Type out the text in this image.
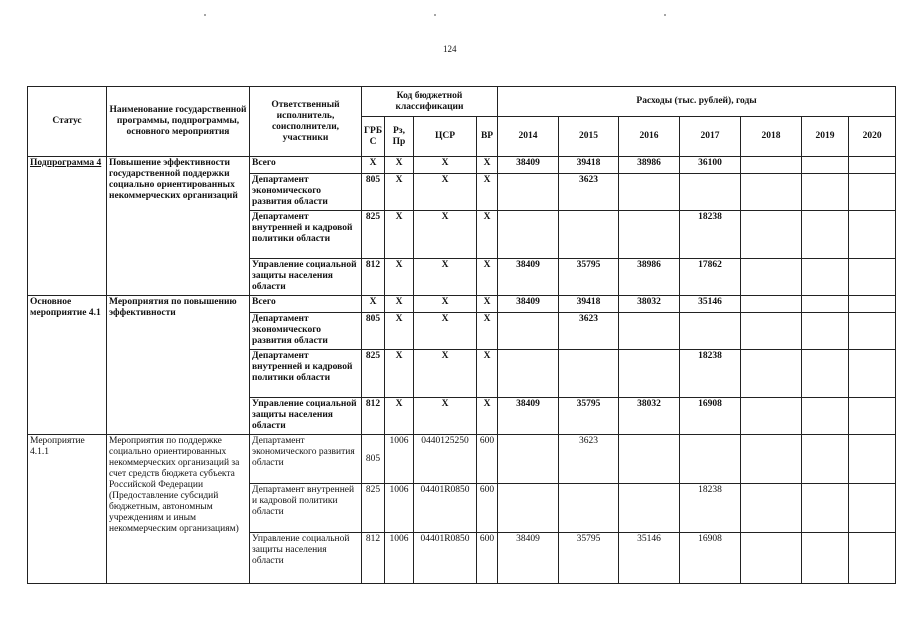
124
Статус	Наименование государственной программы, подпрограммы, основного мероприятия	Ответственный исполнитель, соисполнители, участники	Код бюджетной классификации				Расходы (тыс. рублей), годы						
			ГРБ С	Рз, Пр	ЦСР	ВР	2014	2015	2016	2017	2018	2019	2020
Подпрограмма 4	Повышение эффективности государственной поддержки социально ориентированных некоммерческих организаций	Всего	Х	Х	Х	Х	38409	39418	38986	36100			
		Департамент экономического развития области	805	Х	Х	Х		3623					
		Департамент внутренней и кадровой политики области	825	Х	Х	Х				18238			
		Управление социальной защиты населения области	812	Х	Х	Х	38409	35795	38986	17862			
Основное мероприятие 4.1	Мероприятия по повышению эффективности	Всего	Х	Х	Х	Х	38409	39418	38032	35146			
		Департамент экономического развития области	805	Х	Х	Х		3623					
		Департамент внутренней и кадровой политики области	825	Х	Х	Х				18238			
		Управление социальной защиты населения области	812	Х	Х	Х	38409	35795	38032	16908			
Мероприятие 4.1.1	Мероприятия по поддержке социально ориентированных некоммерческих организаций за счет средств бюджета субъекта Российской Федерации (Предоставление субсидий бюджетным, автономным учреждениям и иным некоммерческим организациям)	Департамент экономического развития области	805	1006	0440125250	600		3623					
		Департамент внутренней и кадровой политики области	825	1006	04401R0850	600				18238			
		Управление социальной защиты населения области	812	1006	04401R0850	600	38409	35795	35146	16908			
